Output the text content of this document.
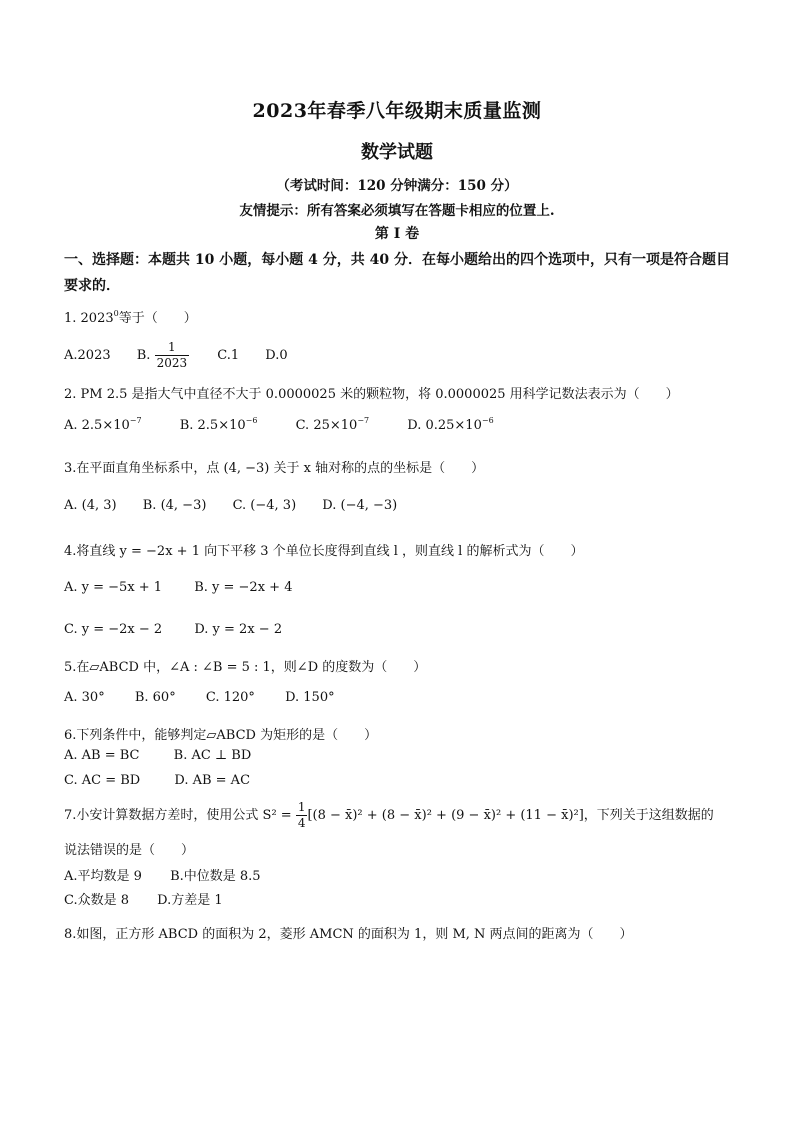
2023年春季八年级期末质量监测
数学试题
（考试时间：120 分钟满分：150 分）
友情提示：所有答案必须填写在答题卡相应的位置上.
第 I 卷
一、选择题：本题共 10 小题，每小题 4 分，共 40 分．在每小题给出的四个选项中，只有一项是符合题目要求的．
1. 2023$^0$等于（　　）
A.2023 B. $\frac{1}{2023} C.1$ D.0
2. PM 2.5 是指大气中直径不大于 0.0000025 米的颗粒物，将 0.0000025 用科学记数法表示为（　　）
A. $2.5\times 10^{-7}$	B. $2.5\times 10^{-6}$	C. $25\times 10^{-7}$	D. $0.25\times 10^{-6}$
3.在平面直角坐标系中，点 (4, −3) 关于 x 轴对称的点的坐标是（　　）
A. (4, 3) B. (4, −3) C. (−4, 3) D. (−4, −3)
4.将直线 y = −2x + 1 向下平移 3 个单位长度得到直线 l ，则直线 l 的解析式为（　　）
A. y = −5x + 1 B. y = −2x + 4
C. y = −2x − 2 D. y = 2x − 2
5.在▱ABCD 中，∠A : ∠B = 5 : 1，则∠D 的度数为（　　）
A. 30° B. 60° C. 120° D. 150°
6.下列条件中，能够判定▱ABCD 为矩形的是（　　）
A. AB = BC	B. AC ⊥ BD
C. AC = BD	D. AB = AC
7.小安计算数据方差时，使用公式 $S^2 = \frac{1}{4} [(8$ − x̄)² + (8 − x̄)² + (9 − x̄)² + (11 − x̄)²]，下列关于这组数据的
说法错误的是（　　）
A.平均数是 9 B.中位数是 8.5
C.众数是 8 D.方差是 1
8.如图，正方形 ABCD 的面积为 2，菱形 AMCN 的面积为 1，则 M, N 两点间的距离为（　　）
